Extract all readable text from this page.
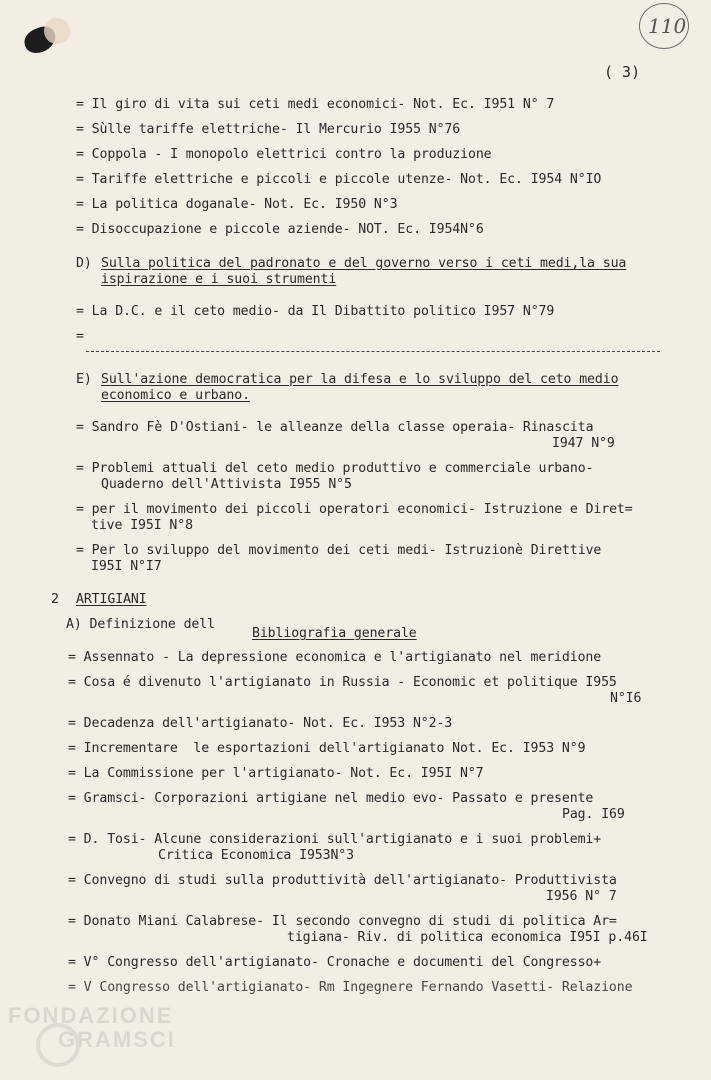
110
( 3)
= Il giro di vita sui ceti medi economici- Not. Ec. I951 N° 7
= Sùlle tariffe elettriche- Il Mercurio I955 N°76
= Coppola - I monopolo elettrici contro la produzione
= Tariffe elettriche e piccoli e piccole utenze- Not. Ec. I954 N°IO
= La politica doganale- Not. Ec. I950 N°3
= Disoccupazione e piccole aziende- NOT. Ec. I954N°6
D) Sulla politica del padronato e del governo verso i ceti medi,la sua
ispirazione e i suoi strumenti
= La D.C. e il ceto medio- da Il Dibattito politico I957 N°79
=
E) Sull'azione democratica per la difesa e lo sviluppo del ceto medio
economico e urbano.
= Sandro Fè D'Ostiani- le alleanze della classe operaia- Rinascita
I947 N°9
= Problemi attuali del ceto medio produttivo e commerciale urbano-
Quaderno dell'Attivista I955 N°5
= per il movimento dei piccoli operatori economici- Istruzione e Diret=
tive I95I N°8
= Per lo sviluppo del movimento dei ceti medi- Istruzionè Direttive
I95I N°I7
2 ARTIGIANI
A) Definizione dell
Bibliografia generale
= Assennato - La depressione economica e l'artigianato nel meridione
= Cosa é divenuto l'artigianato in Russia - Economic et politique I955
N°I6
= Decadenza dell'artigianato- Not. Ec. I953 N°2-3
= Incrementare  le esportazioni dell'artigianato Not. Ec. I953 N°9
= La Commissione per l'artigianato- Not. Ec. I95I N°7
= Gramsci- Corporazioni artigiane nel medio evo- Passato e presente
Pag. I69
= D. Tosi- Alcune considerazioni sull'artigianato e i suoi problemi+
Critica Economica I953N°3
= Convegno di studi sulla produttività dell'artigianato- Produttivista
I956 N° 7
= Donato Miani Calabrese- Il secondo convegno di studi di politica Ar=
tigiana- Riv. di politica economica I95I p.46I
= V° Congresso dell'artigianato- Cronache e documenti del Congresso+
= V Congresso dell'artigianato- Rm Ingegnere Fernando Vasetti- Relazione
FONDAZIONE
GRAMSCI
